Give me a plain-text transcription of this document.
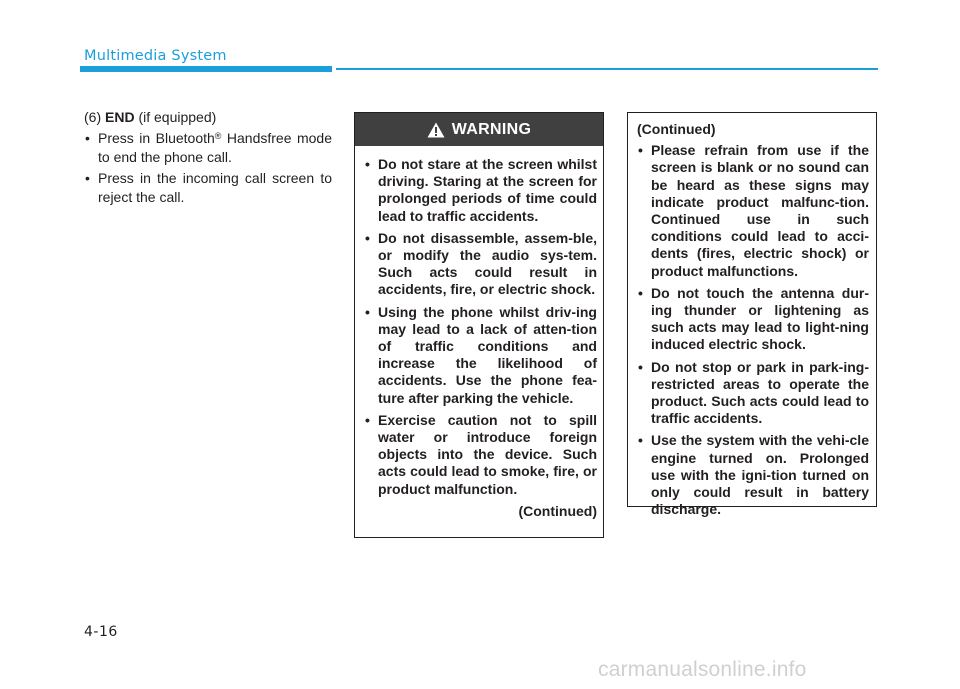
Multimedia System
(6) END (if equipped)
• Press in Bluetooth® Handsfree mode to end the phone call.
• Press in the incoming call screen to reject the call.
WARNING
• Do not stare at the screen whilst driving. Staring at the screen for prolonged periods of time could lead to traffic accidents.
• Do not disassemble, assem-ble, or modify the audio sys-tem. Such acts could result in accidents, fire, or electric shock.
• Using the phone whilst driv-ing may lead to a lack of atten-tion of traffic conditions and increase the likelihood of accidents. Use the phone fea-ture after parking the vehicle.
• Exercise caution not to spill water or introduce foreign objects into the device. Such acts could lead to smoke, fire, or product malfunction.
(Continued)
(Continued)
• Please refrain from use if the screen is blank or no sound can be heard as these signs may indicate product malfunc-tion. Continued use in such conditions could lead to acci-dents (fires, electric shock) or product malfunctions.
• Do not touch the antenna dur-ing thunder or lightening as such acts may lead to light-ning induced electric shock.
• Do not stop or park in park-ing-restricted areas to operate the product. Such acts could lead to traffic accidents.
• Use the system with the vehi-cle engine turned on. Prolonged use with the igni-tion turned on only could result in battery discharge.
4-16
carmanualsonline.info
